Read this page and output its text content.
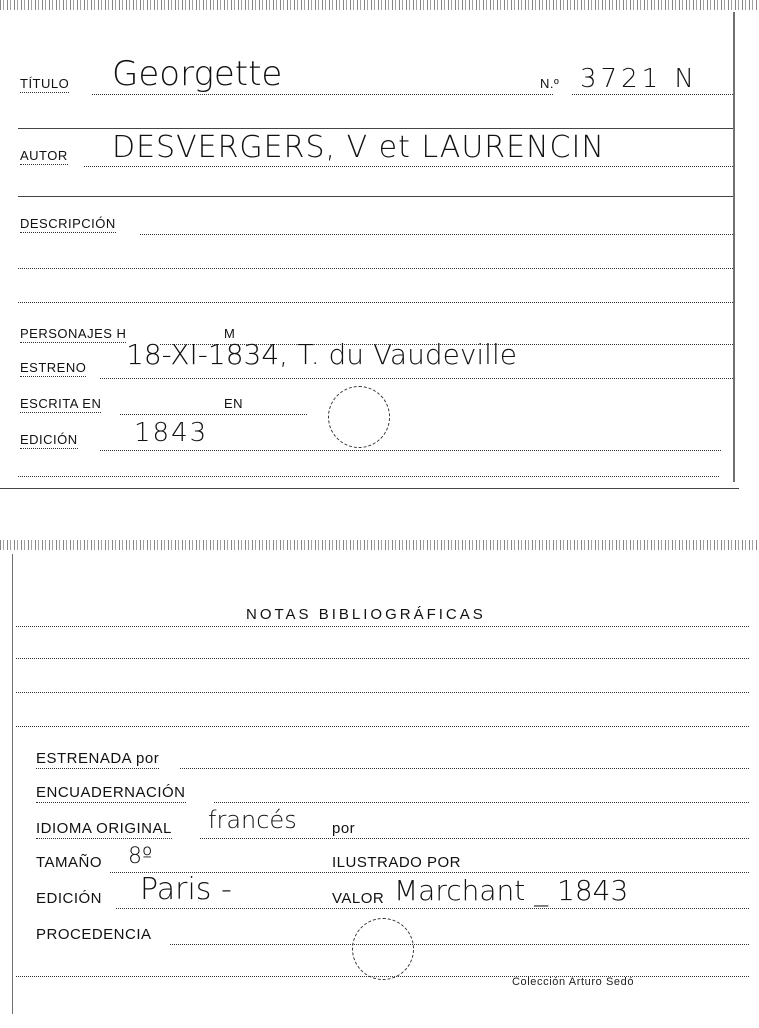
TÍTULO Georgette	N.º 3721 N
AUTOR DESVERGERS, V et LAURENCIN
DESCRIPCIÓN
PERSONAJES H	M
ESTRENO 18-XI-1834, T. du Vaudeville
ESCRITA EN	EN
EDICIÓN 1843
NOTAS BIBLIOGRÁFICAS
ESTRENADA por
ENCUADERNACIÓN
IDIOMA ORIGINAL francés por
TAMAÑO 8º	ILUSTRADO POR
EDICIÓN Paris -	VALOR Marchant _ 1843
PROCEDENCIA
Colección Arturo Sedó
